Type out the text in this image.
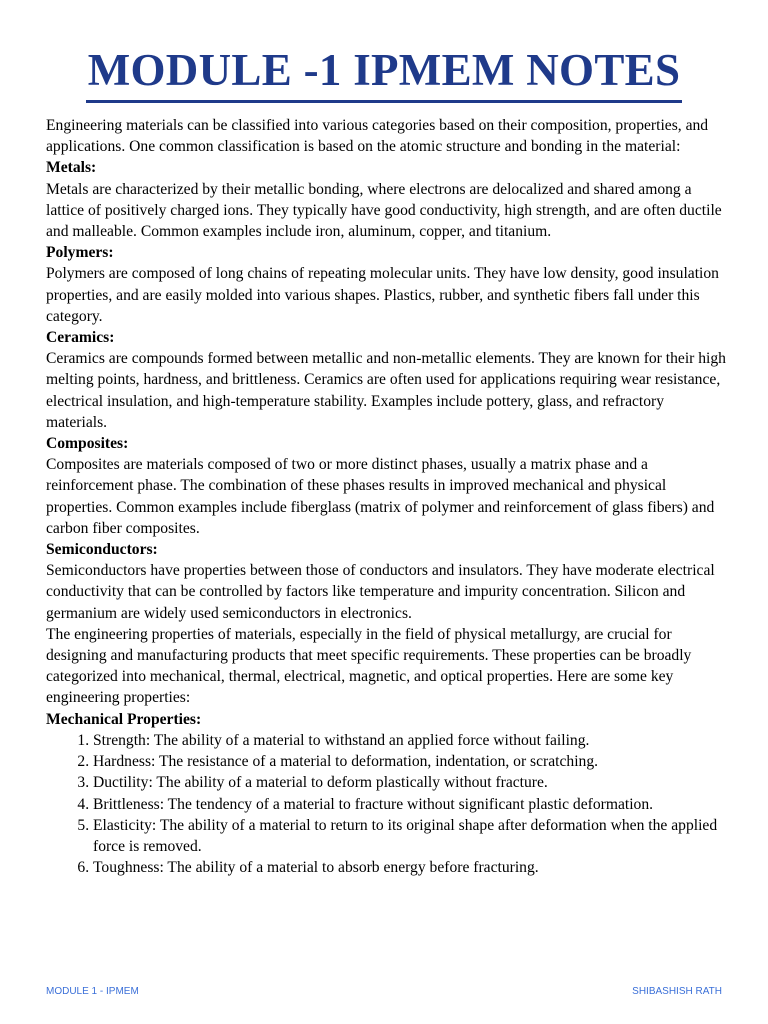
MODULE -1 IPMEM NOTES

Engineering materials can be classified into various categories based on their composition, properties, and applications. One common classification is based on the atomic structure and bonding in the material:

Metals:

Metals are characterized by their metallic bonding, where electrons are delocalized and shared among a lattice of positively charged ions. They typically have good conductivity, high strength, and are often ductile and malleable. Common examples include iron, aluminum, copper, and titanium.

Polymers:

Polymers are composed of long chains of repeating molecular units. They have low density, good insulation properties, and are easily molded into various shapes. Plastics, rubber, and synthetic fibers fall under this category.

Ceramics:

Ceramics are compounds formed between metallic and non-metallic elements. They are known for their high melting points, hardness, and brittleness. Ceramics are often used for applications requiring wear resistance, electrical insulation, and high-temperature stability. Examples include pottery, glass, and refractory materials.

Composites:

Composites are materials composed of two or more distinct phases, usually a matrix phase and a reinforcement phase. The combination of these phases results in improved mechanical and physical properties. Common examples include fiberglass (matrix of polymer and reinforcement of glass fibers) and carbon fiber composites.

Semiconductors:

Semiconductors have properties between those of conductors and insulators. They have moderate electrical conductivity that can be controlled by factors like temperature and impurity concentration. Silicon and germanium are widely used semiconductors in electronics.

The engineering properties of materials, especially in the field of physical metallurgy, are crucial for designing and manufacturing products that meet specific requirements. These properties can be broadly categorized into mechanical, thermal, electrical, magnetic, and optical properties. Here are some key engineering properties:

Mechanical Properties:

1. Strength: The ability of a material to withstand an applied force without failing.
2. Hardness: The resistance of a material to deformation, indentation, or scratching.
3. Ductility: The ability of a material to deform plastically without fracture.
4. Brittleness: The tendency of a material to fracture without significant plastic deformation.
5. Elasticity: The ability of a material to return to its original shape after deformation when the applied force is removed.
6. Toughness: The ability of a material to absorb energy before fracturing.
MODULE 1 - IPMEM	SHIBASHISH RATH
